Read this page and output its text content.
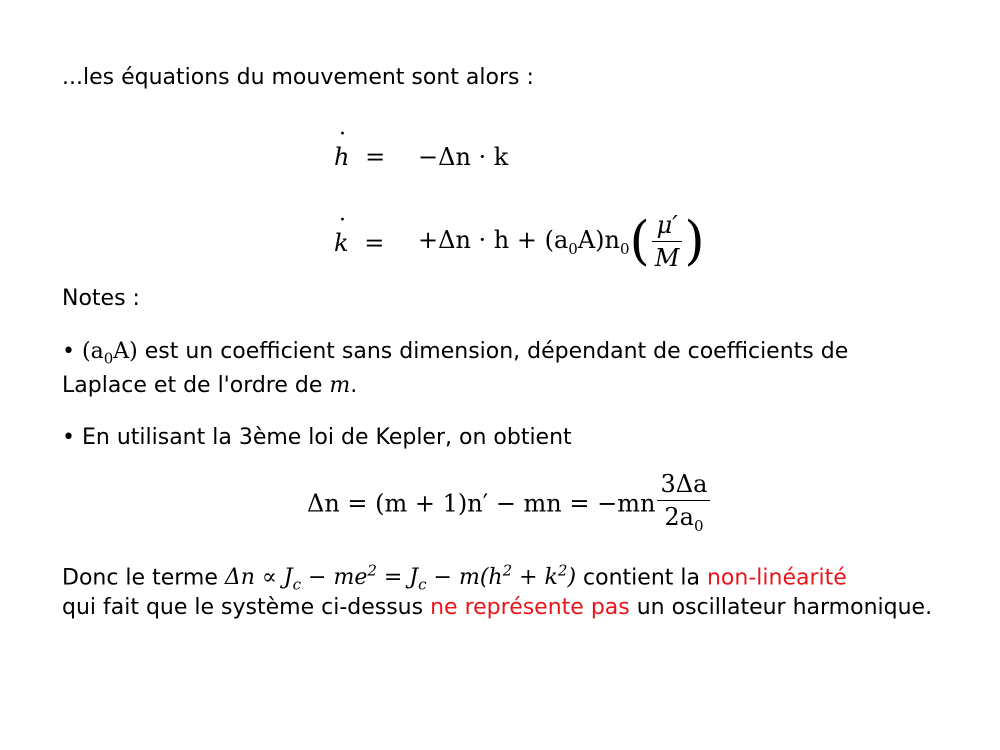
...les équations du mouvement sont alors :
· h = −Δn · k
· $k = +\Delta n \cdot h + (a_0A)n_0( \frac{\mu'}{M}$ )
Notes :
• $(a_0A)$ est un coefficient sans dimension, dépendant de coefficients de
Laplace et de l'ordre de m.
• En utilisant la 3ème loi de Kepler, on obtient
Δn = (m + 1)n′ − mn = $-mn \frac{3\Delta a}{2a_0}$
Donc le terme $\Delta n \propto J_c - me^2 = J_c - m(h^2 + k^2)$ contient la non-linéarité
qui fait que le système ci-dessus ne représente pas un oscillateur harmonique.
